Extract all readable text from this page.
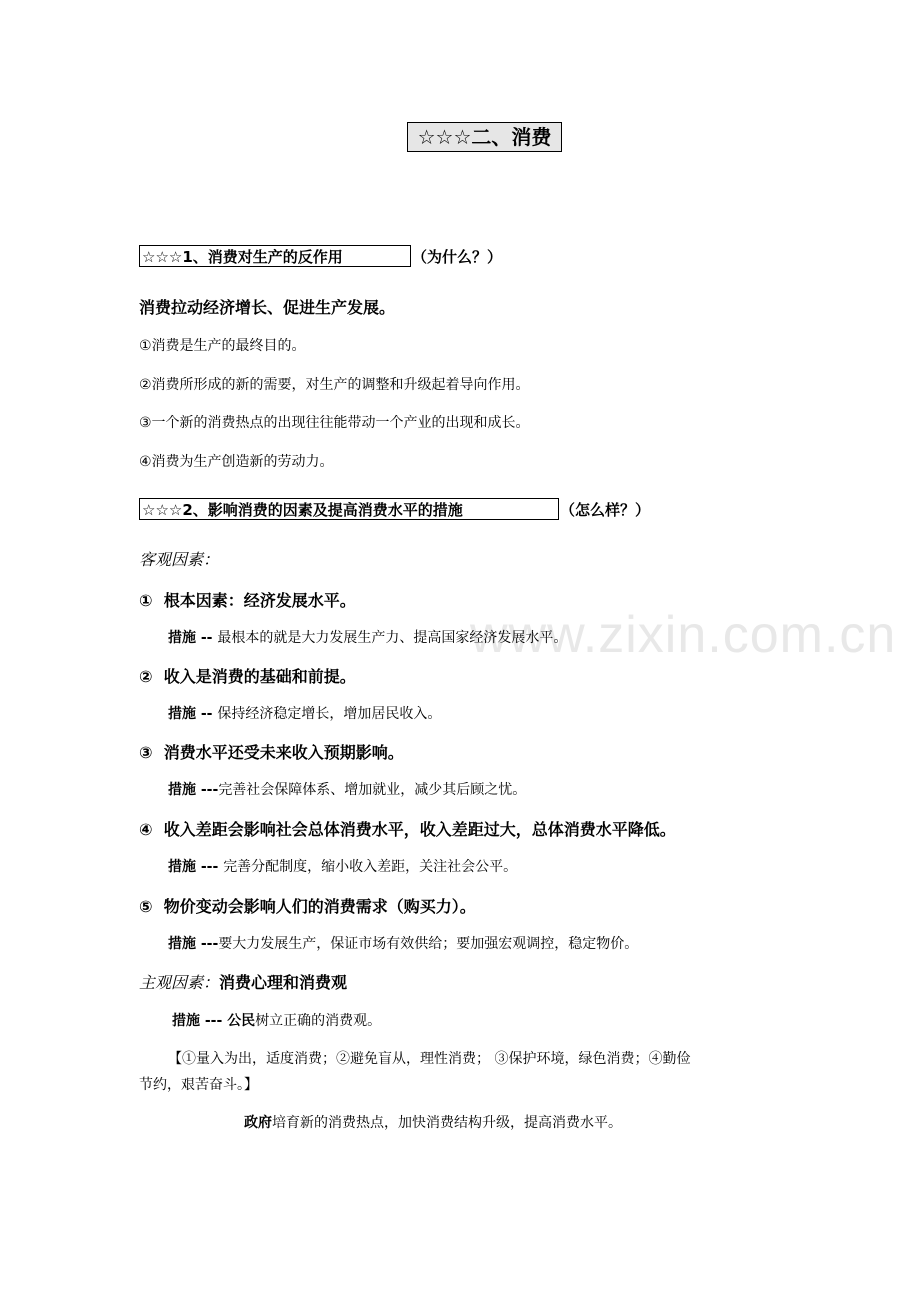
www.zixin.com.cn
☆☆☆二、消费
☆☆☆1、消费对生产的反作用	（为什么？）
消费拉动经济增长、促进生产发展。
①消费是生产的最终目的。
②消费所形成的新的需要，对生产的调整和升级起着导向作用。
③一个新的消费热点的出现往往能带动一个产业的出现和成长。
④消费为生产创造新的劳动力。
☆☆☆2、影响消费的因素及提高消费水平的措施	（怎么样？）
客观因素：
① 根本因素：经济发展水平。
措施 -- 最根本的就是大力发展生产力、提高国家经济发展水平。
② 收入是消费的基础和前提。
措施 -- 保持经济稳定增长，增加居民收入。
③ 消费水平还受未来收入预期影响。
措施 ---完善社会保障体系、增加就业，减少其后顾之忧。
④ 收入差距会影响社会总体消费水平，收入差距过大，总体消费水平降低。
措施 --- 完善分配制度，缩小收入差距，关注社会公平。
⑤ 物价变动会影响人们的消费需求（购买力）。
措施 ---要大力发展生产，保证市场有效供给；要加强宏观调控，稳定物价。
主观因素：消费心理和消费观
措施 --- 公民树立正确的消费观。
【①量入为出，适度消费；②避免盲从，理性消费； ③保护环境，绿色消费；④勤俭
节约，艰苦奋斗。】
政府培育新的消费热点，加快消费结构升级，提高消费水平。
